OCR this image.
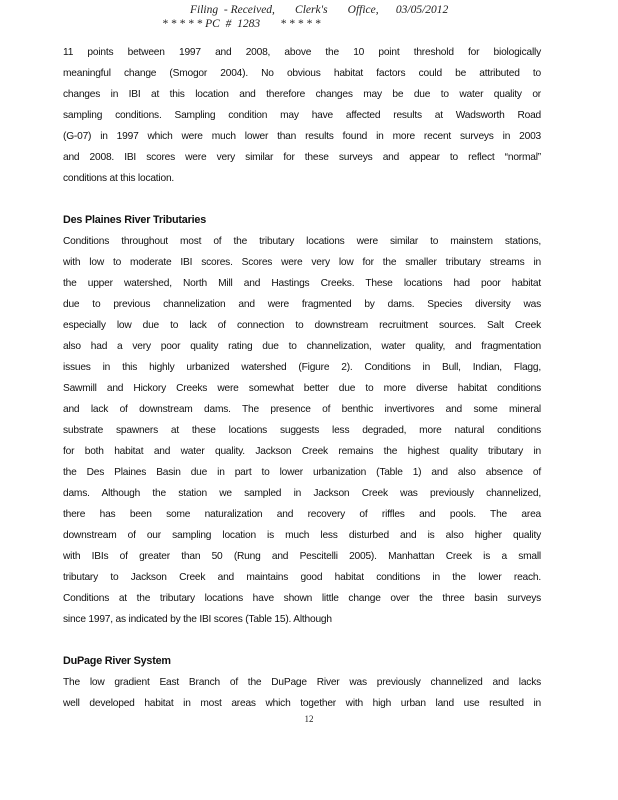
Filing  - Received,       Clerk's       Office,      03/05/2012
* * * * * PC  #  1283       * * * * *
11 points between 1997 and 2008, above the 10 point threshold for biologically
meaningful change (Smogor 2004). No obvious habitat factors could be attributed to
changes in IBI at this location and therefore changes may be due to water quality or
sampling conditions. Sampling condition may have affected results at Wadsworth Road
(G-07) in 1997 which were much lower than results found in more recent surveys in 2003
and 2008. IBI scores were very similar for these surveys and appear to reflect “normal”
conditions at this location.
Des Plaines River Tributaries
Conditions throughout most of the tributary locations were similar to mainstem stations,
with low to moderate IBI scores. Scores were very low for the smaller tributary streams in
the upper watershed, North Mill and Hastings Creeks. These locations had poor habitat
due to previous channelization and were fragmented by dams. Species diversity was
especially low due to lack of connection to downstream recruitment sources. Salt Creek
also had a very poor quality rating due to channelization, water quality, and fragmentation
issues in this highly urbanized watershed (Figure 2). Conditions in Bull, Indian, Flagg,
Sawmill and Hickory Creeks were somewhat better due to more diverse habitat conditions
and lack of downstream dams. The presence of benthic invertivores and some mineral
substrate spawners at these locations suggests less degraded, more natural conditions
for both habitat and water quality. Jackson Creek remains the highest quality tributary in
the Des Plaines Basin due in part to lower urbanization (Table 1) and also absence of
dams. Although the station we sampled in Jackson Creek was previously channelized,
there has been some naturalization and recovery of riffles and pools. The area
downstream of our sampling location is much less disturbed and is also higher quality
with IBIs of greater than 50 (Rung and Pescitelli 2005). Manhattan Creek is a small
tributary to Jackson Creek and maintains good habitat conditions in the lower reach.
Conditions at the tributary locations have shown little change over the three basin surveys
since 1997, as indicated by the IBI scores (Table 15). Although
DuPage River System
The low gradient East Branch of the DuPage River was previously channelized and lacks
well developed habitat in most areas which together with high urban land use resulted in
12
